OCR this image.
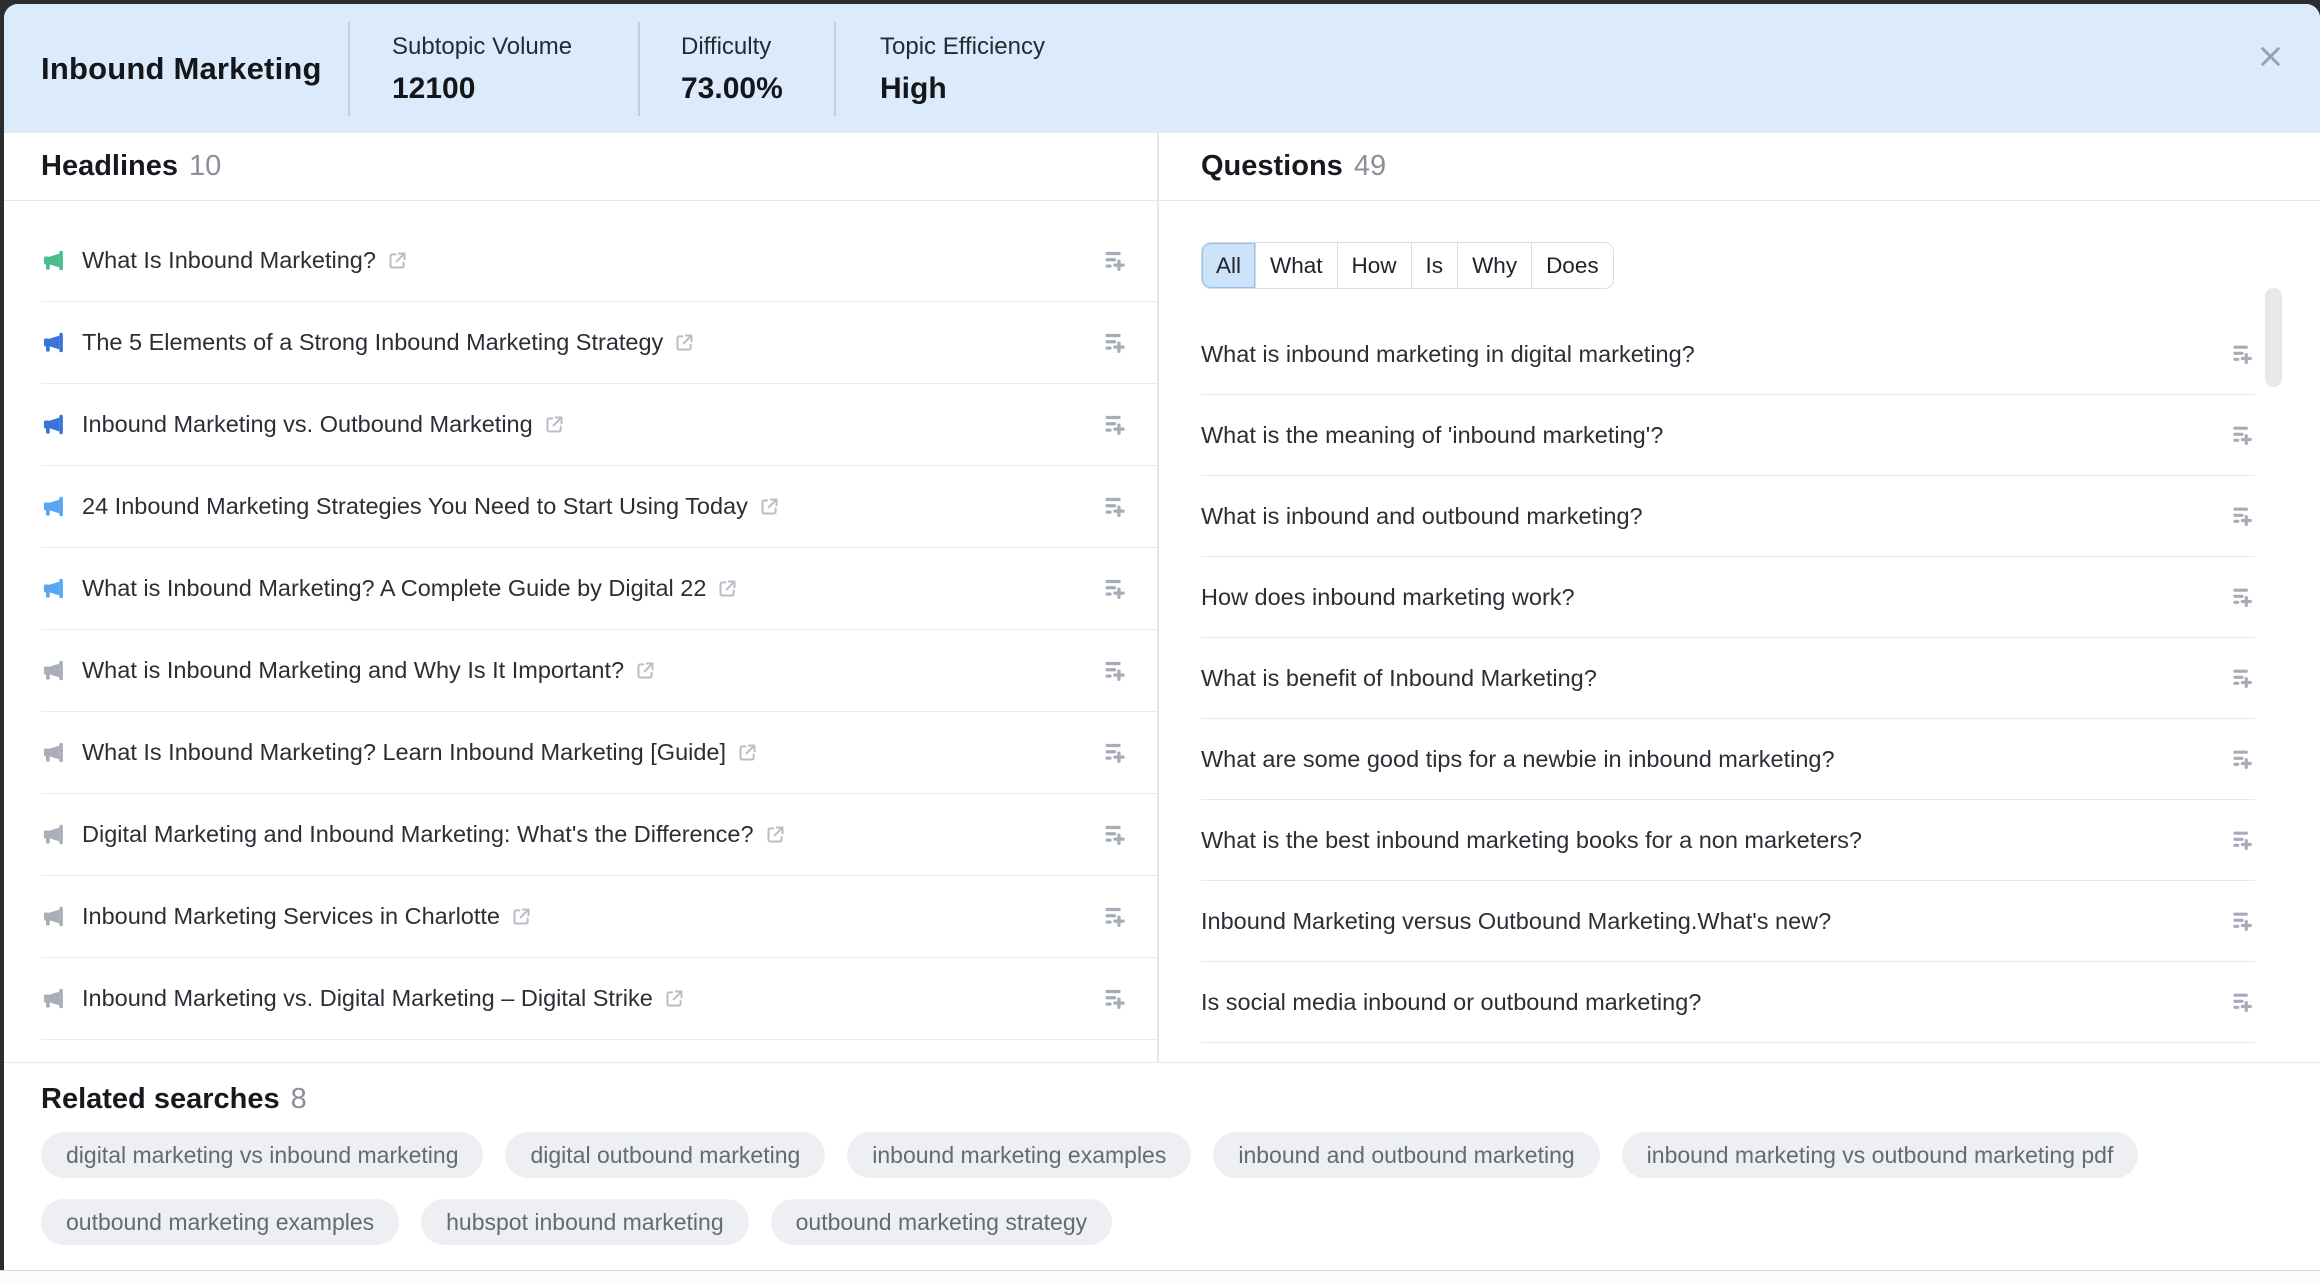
Inbound Marketing
Subtopic Volume
12100
Difficulty
73.00%
Topic Efficiency
High
Headlines 10
What Is Inbound Marketing?
The 5 Elements of a Strong Inbound Marketing Strategy
Inbound Marketing vs. Outbound Marketing
24 Inbound Marketing Strategies You Need to Start Using Today
What is Inbound Marketing? A Complete Guide by Digital 22
What is Inbound Marketing and Why Is It Important?
What Is Inbound Marketing? Learn Inbound Marketing [Guide]
Digital Marketing and Inbound Marketing: What's the Difference?
Inbound Marketing Services in Charlotte
Inbound Marketing vs. Digital Marketing – Digital Strike
Questions 49
All	What	How	Is	Why	Does
What is inbound marketing in digital marketing?
What is the meaning of 'inbound marketing'?
What is inbound and outbound marketing?
How does inbound marketing work?
What is benefit of Inbound Marketing?
What are some good tips for a newbie in inbound marketing?
What is the best inbound marketing books for a non marketers?
Inbound Marketing versus Outbound Marketing.What's new?
Is social media inbound or outbound marketing?
Related searches 8
digital marketing vs inbound marketing	digital outbound marketing	inbound marketing examples	inbound and outbound marketing	inbound marketing vs outbound marketing pdf
outbound marketing examples	hubspot inbound marketing	outbound marketing strategy
